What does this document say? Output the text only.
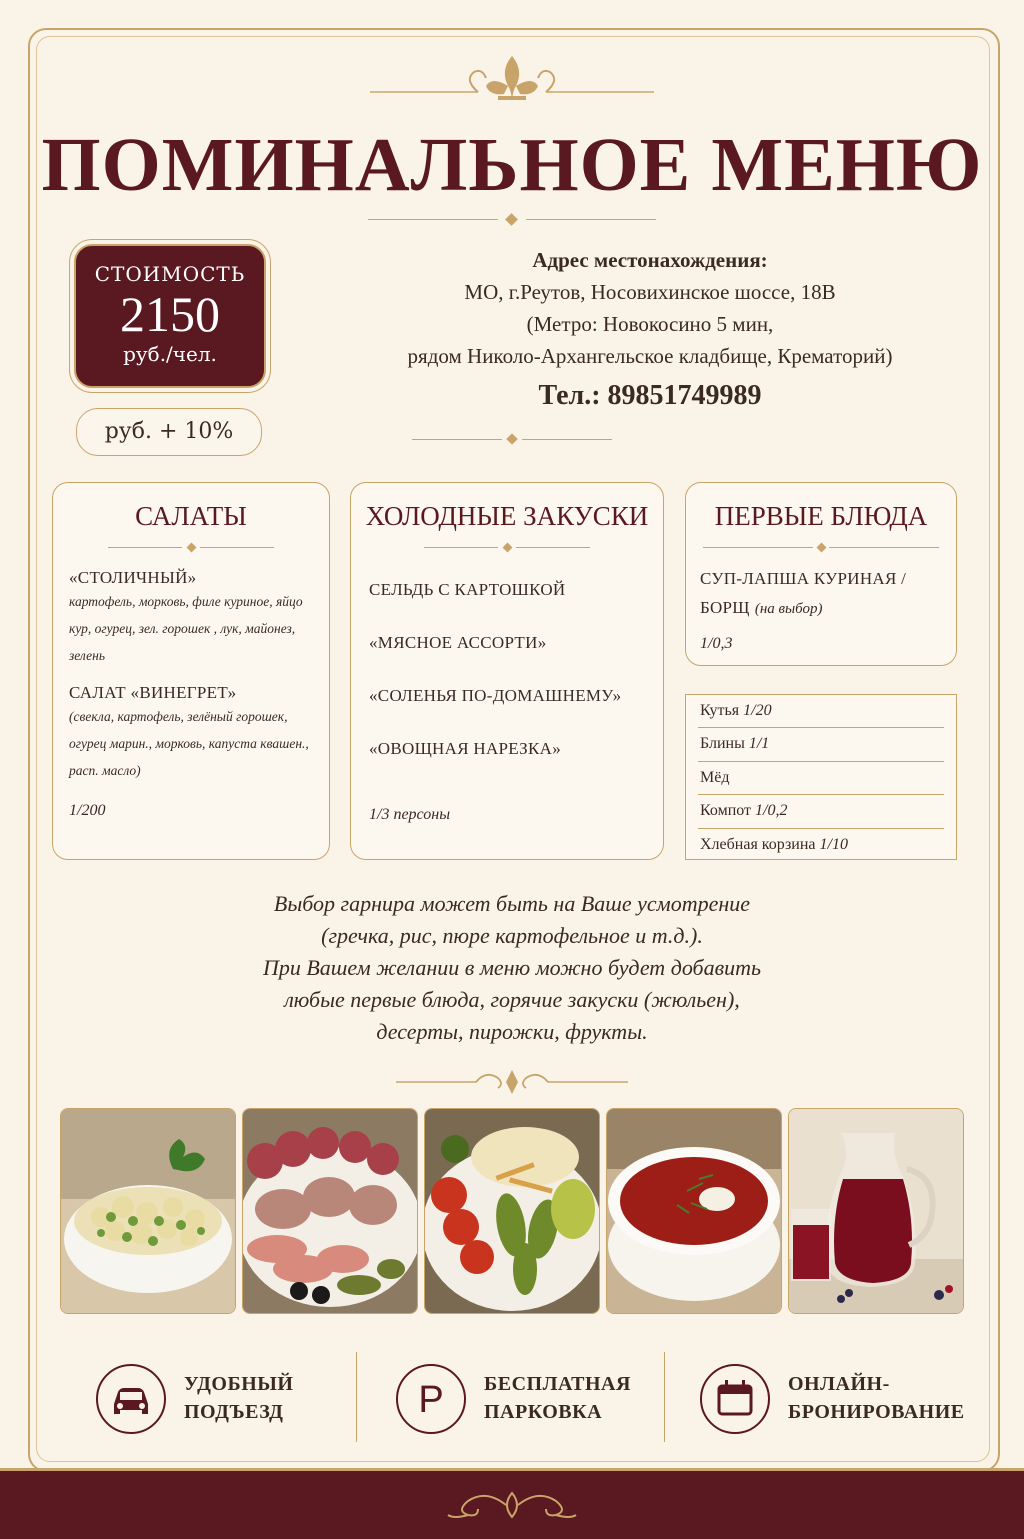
ПОМИНАЛЬНОЕ МЕНЮ
СТОИМОСТЬ
2150
руб./чел.
руб. + 10%
Адрес местонахождения:
МО, г.Реутов, Носовихинское шоссе, 18В
(Метро: Новокосино 5 мин,
рядом Николо-Архангельское кладбище, Крематорий)
Тел.: 89851749989
САЛАТЫ
«СТОЛИЧНЫЙ»
картофель, морковь, филе куриное, яйцо кур, огурец, зел. горошек , лук, майонез, зелень
САЛАТ «ВИНЕГРЕТ»
(свекла, картофель, зелёный горошек, огурец марин., морковь, капуста квашен., расп. масло)
1/200
ХОЛОДНЫЕ ЗАКУСКИ
СЕЛЬДЬ С КАРТОШКОЙ
«МЯСНОЕ АССОРТИ»
«СОЛЕНЬЯ ПО-ДОМАШНЕМУ»
«ОВОЩНАЯ НАРЕЗКА»
1/3 персоны
ПЕРВЫЕ БЛЮДА
СУП-ЛАПША КУРИНАЯ /
БОРЩ (на выбор)
1/0,3
Кутья 1/20
Блины 1/1
Мёд
Компот 1/0,2
Хлебная корзина 1/10
Выбор гарнира может быть на Ваше усмотрение
(гречка, рис, пюре картофельное и т.д.).
При Вашем желании в меню можно будет добавить
любые первые блюда, горячие закуски (жюльен),
десерты, пирожки, фрукты.
УДОБНЫЙ
ПОДЪЕЗД	P БЕСПЛАТНАЯ
ПАРКОВКА
ОНЛАЙН-
БРОНИРОВАНИЕ
